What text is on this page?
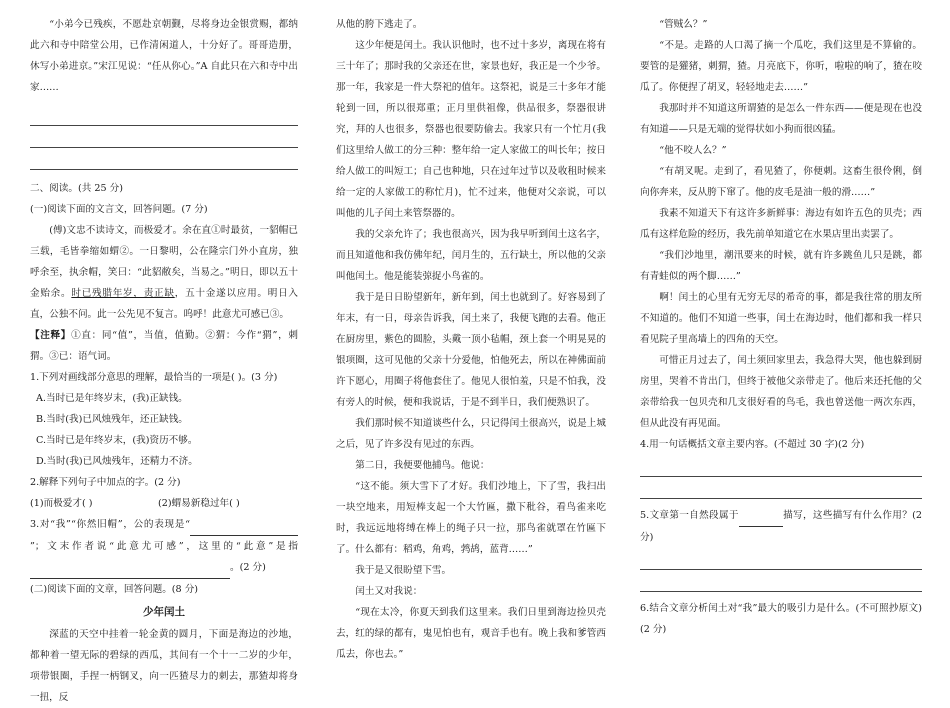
“小弟今已残疾，不愿赴京朝觐，尽将身边金银赏赐，都纳此六和寺中陪堂公用，已作清闲道人，十分好了。哥哥造册，休写小弟进京。”宋江见说：“任从你心。”A 自此只在六和寺中出家……

二、阅读。(共 25 分)

(一)阅读下面的文言文，回答问题。(7 分)

(傅)文忠不读诗文，而极爱才。余在直①时最贫，一貂帽已三载，毛皆拳缩如蝟②。一日黎明，公在隆宗门外小直房，独呼余至，执余帽，笑曰：“此貂敝矣，当易之。”明日，即以五十金贻余。时已残腊年岁，责正缺，五十金遂以应用。明日入直，公独不问。此一公先见不复言。呜呼！此意尤可感已③。

【注释】①直：同“值”，当值，值勤。②猬：今作“猬”，刺猬。③已：语气词。

1.下列对画线部分意思的理解，最恰当的一项是( )。(3 分)

A.当时已是年终岁末，(我)正缺钱。

B.当时(我)已风烛残年，还正缺钱。

C.当时已是年终岁末，(我)资历不够。

D.当时(我)已风烛残年，还精力不济。

2.解释下列句子中加点的字。(2 分)

(1)而极爱才( )	(2)蝟易新稳过年( )

3.对“我”“你然旧帽”，公的表现是“ ”；文末作者说“此意尤可感”，这里的“此意”是指 。(2 分)

(二)阅读下面的文章，回答问题。(8 分)

少年闰土

深蓝的天空中挂着一轮金黄的圆月，下面是海边的沙地，都种着一望无际的碧绿的西瓜，其间有一个十一二岁的少年，项带银圈，手捏一柄钢叉，向一匹猹尽力的刺去，那猹却将身一扭，反

从他的胯下逃走了。

这少年便是闰土。我认识他时，也不过十多岁，离现在将有三十年了；那时我的父亲还在世，家景也好，我正是一个少爷。那一年，我家是一件大祭祀的值年。这祭祀，说是三十多年才能轮到一回，所以很郑重；正月里供祖像，供品很多，祭器很讲究，拜的人也很多，祭器也很要防偷去。我家只有一个忙月(我们这里给人做工的分三种：整年给一定人家做工的叫长年；按日给人做工的叫短工；自己也种地，只在过年过节以及收租时候来给一定的人家做工的称忙月)，忙不过来，他便对父亲说，可以叫他的儿子闰土来管祭器的。

我的父亲允许了；我也很高兴，因为我早听到闰土这名字，而且知道他和我仿佛年纪，闰月生的，五行缺土，所以他的父亲叫他闰土。他是能装弶捉小鸟雀的。

我于是日日盼望新年，新年到，闰土也就到了。好容易到了年末，有一日，母亲告诉我，闰土来了，我便飞跑的去看。他正在厨房里，紫色的圆脸，头戴一顶小毡帽，颈上套一个明晃晃的银项圈，这可见他的父亲十分爱他，怕他死去，所以在神佛面前许下愿心，用圈子将他套住了。他见人很怕羞，只是不怕我，没有旁人的时候，便和我说话，于是不到半日，我们便熟识了。

我们那时候不知道谈些什么，只记得闰土很高兴，说是上城之后，见了许多没有见过的东西。

第二日，我便要他捕鸟。他说：

“这不能。须大雪下了才好。我们沙地上，下了雪，我扫出一块空地来，用短棒支起一个大竹匾，撒下秕谷，看鸟雀来吃时，我远远地将缚在棒上的绳子只一拉，那鸟雀就罩在竹匾下了。什么都有：稻鸡，角鸡，鹁鸪，蓝背……”

我于是又很盼望下雪。

闰土又对我说：

“现在太冷，你夏天到我们这里来。我们日里到海边捡贝壳去，红的绿的都有，鬼见怕也有，观音手也有。晚上我和爹管西瓜去，你也去。”

“管贼么？”

“不是。走路的人口渴了摘一个瓜吃，我们这里是不算偷的。要管的是獾猪，刺猬，猹。月亮底下，你听，啦啦的响了，猹在咬瓜了。你便捏了胡叉，轻轻地走去……”

我那时并不知道这所谓猹的是怎么一件东西——便是现在也没有知道——只是无端的觉得状如小狗而很凶猛。

“他不咬人么？”

“有胡叉呢。走到了，看见猹了，你便刺。这畜生很伶俐，倒向你奔来，反从胯下窜了。他的皮毛是油一般的滑……”

我素不知道天下有这许多新鲜事：海边有如许五色的贝壳；西瓜有这样危险的经历，我先前单知道它在水果店里出卖罢了。

“我们沙地里，潮汛要来的时候，就有许多跳鱼儿只是跳，都有青蛙似的两个脚……”

啊！闰土的心里有无穷无尽的希奇的事，都是我往常的朋友所不知道的。他们不知道一些事，闰土在海边时，他们都和我一样只看见院子里高墙上的四角的天空。

可惜正月过去了，闰土须回家里去，我急得大哭，他也躲到厨房里，哭着不肯出门，但终于被他父亲带走了。他后来还托他的父亲带给我一包贝壳和几支很好看的鸟毛，我也曾送他一两次东西，但从此没有再见面。

4.用一句话概括文章主要内容。(不超过 30 字)(2 分)

5.文章第一自然段属于	描写，这些描写有什么作用？(2 分)

6.结合文章分析闰土对“我”最大的吸引力是什么。(不可照抄原文)(2 分)
